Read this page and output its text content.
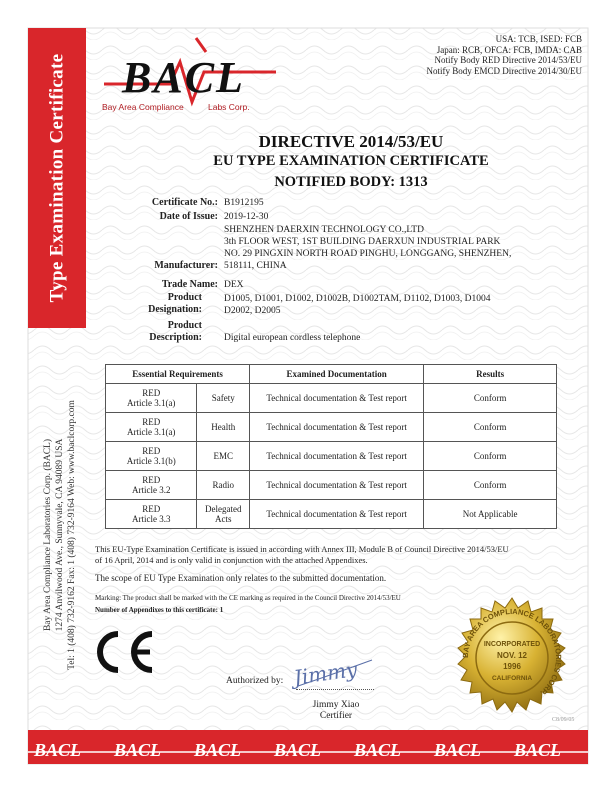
Type Examination Certificate
Bay Area Compliance Laboratories Corp. (BACL) 1274 Anvilwood Ave., Sunnyvale, CA 94089 USA Tel: 1 (408) 732-9162 Fax: 1 (408) 732-9164 Web: www.baclcorp.com
BACL
Bay Area Compliance	Labs Corp.
USA: TCB, ISED: FCB
Japan: RCB, OFCA: FCB, IMDA: CAB
Notify Body RED Directive 2014/53/EU
Notify Body EMCD Directive 2014/30/EU
DIRECTIVE 2014/53/EU
EU TYPE EXAMINATION CERTIFICATE
NOTIFIED BODY: 1313
Certificate No.: B1912195
Date of Issue: 2019-12-30
SHENZHEN DAERXIN TECHNOLOGY CO.,LTD
3th FLOOR WEST, 1ST BUILDING DAERXUN INDUSTRIAL PARK
NO. 29 PINGXIN NORTH ROAD PINGHU, LONGGANG, SHENZHEN,
518111, CHINA
Manufacturer:
Trade Name: DEX
Product
Designation:
D1005, D1001, D1002, D1002B, D1002TAM, D1102, D1003, D1004
D2002, D2005
Product
Description: Digital european cordless telephone
Essential Requirements		Examined Documentation	Results

RED
Article 3.1(a)	Safety	Technical documentation & Test report	Conform

RED
Article 3.1(a)	Health	Technical documentation & Test report	Conform

RED
Article 3.1(b)	EMC	Technical documentation & Test report	Conform

RED
Article 3.2	Radio	Technical documentation & Test report	Conform

RED
Article 3.3	Delegated Acts	Technical documentation & Test report	Not Applicable
This EU-Type Examination Certificate is issued in according with Annex III, Module B of Council Directive 2014/53/EU
of 16 April, 2014 and is only valid in conjunction with the attached Appendixes.
The scope of EU Type Examination only relates to the submitted documentation.
Marking: The product shall be marked with the CE marking as required in the Council Directive 2014/53/EU
Number of Appendixes to this certificate: 1
Authorized by: Jimmy
Jimmy Xiao
Certifier
BAY AREA COMPLIANCE LABORATORIES CORP.
INCORPORATED
NOV. 12
1996
CALIFORNIA
C8/09/05
BACL BACL BACL BACL BACL BACL BACL
